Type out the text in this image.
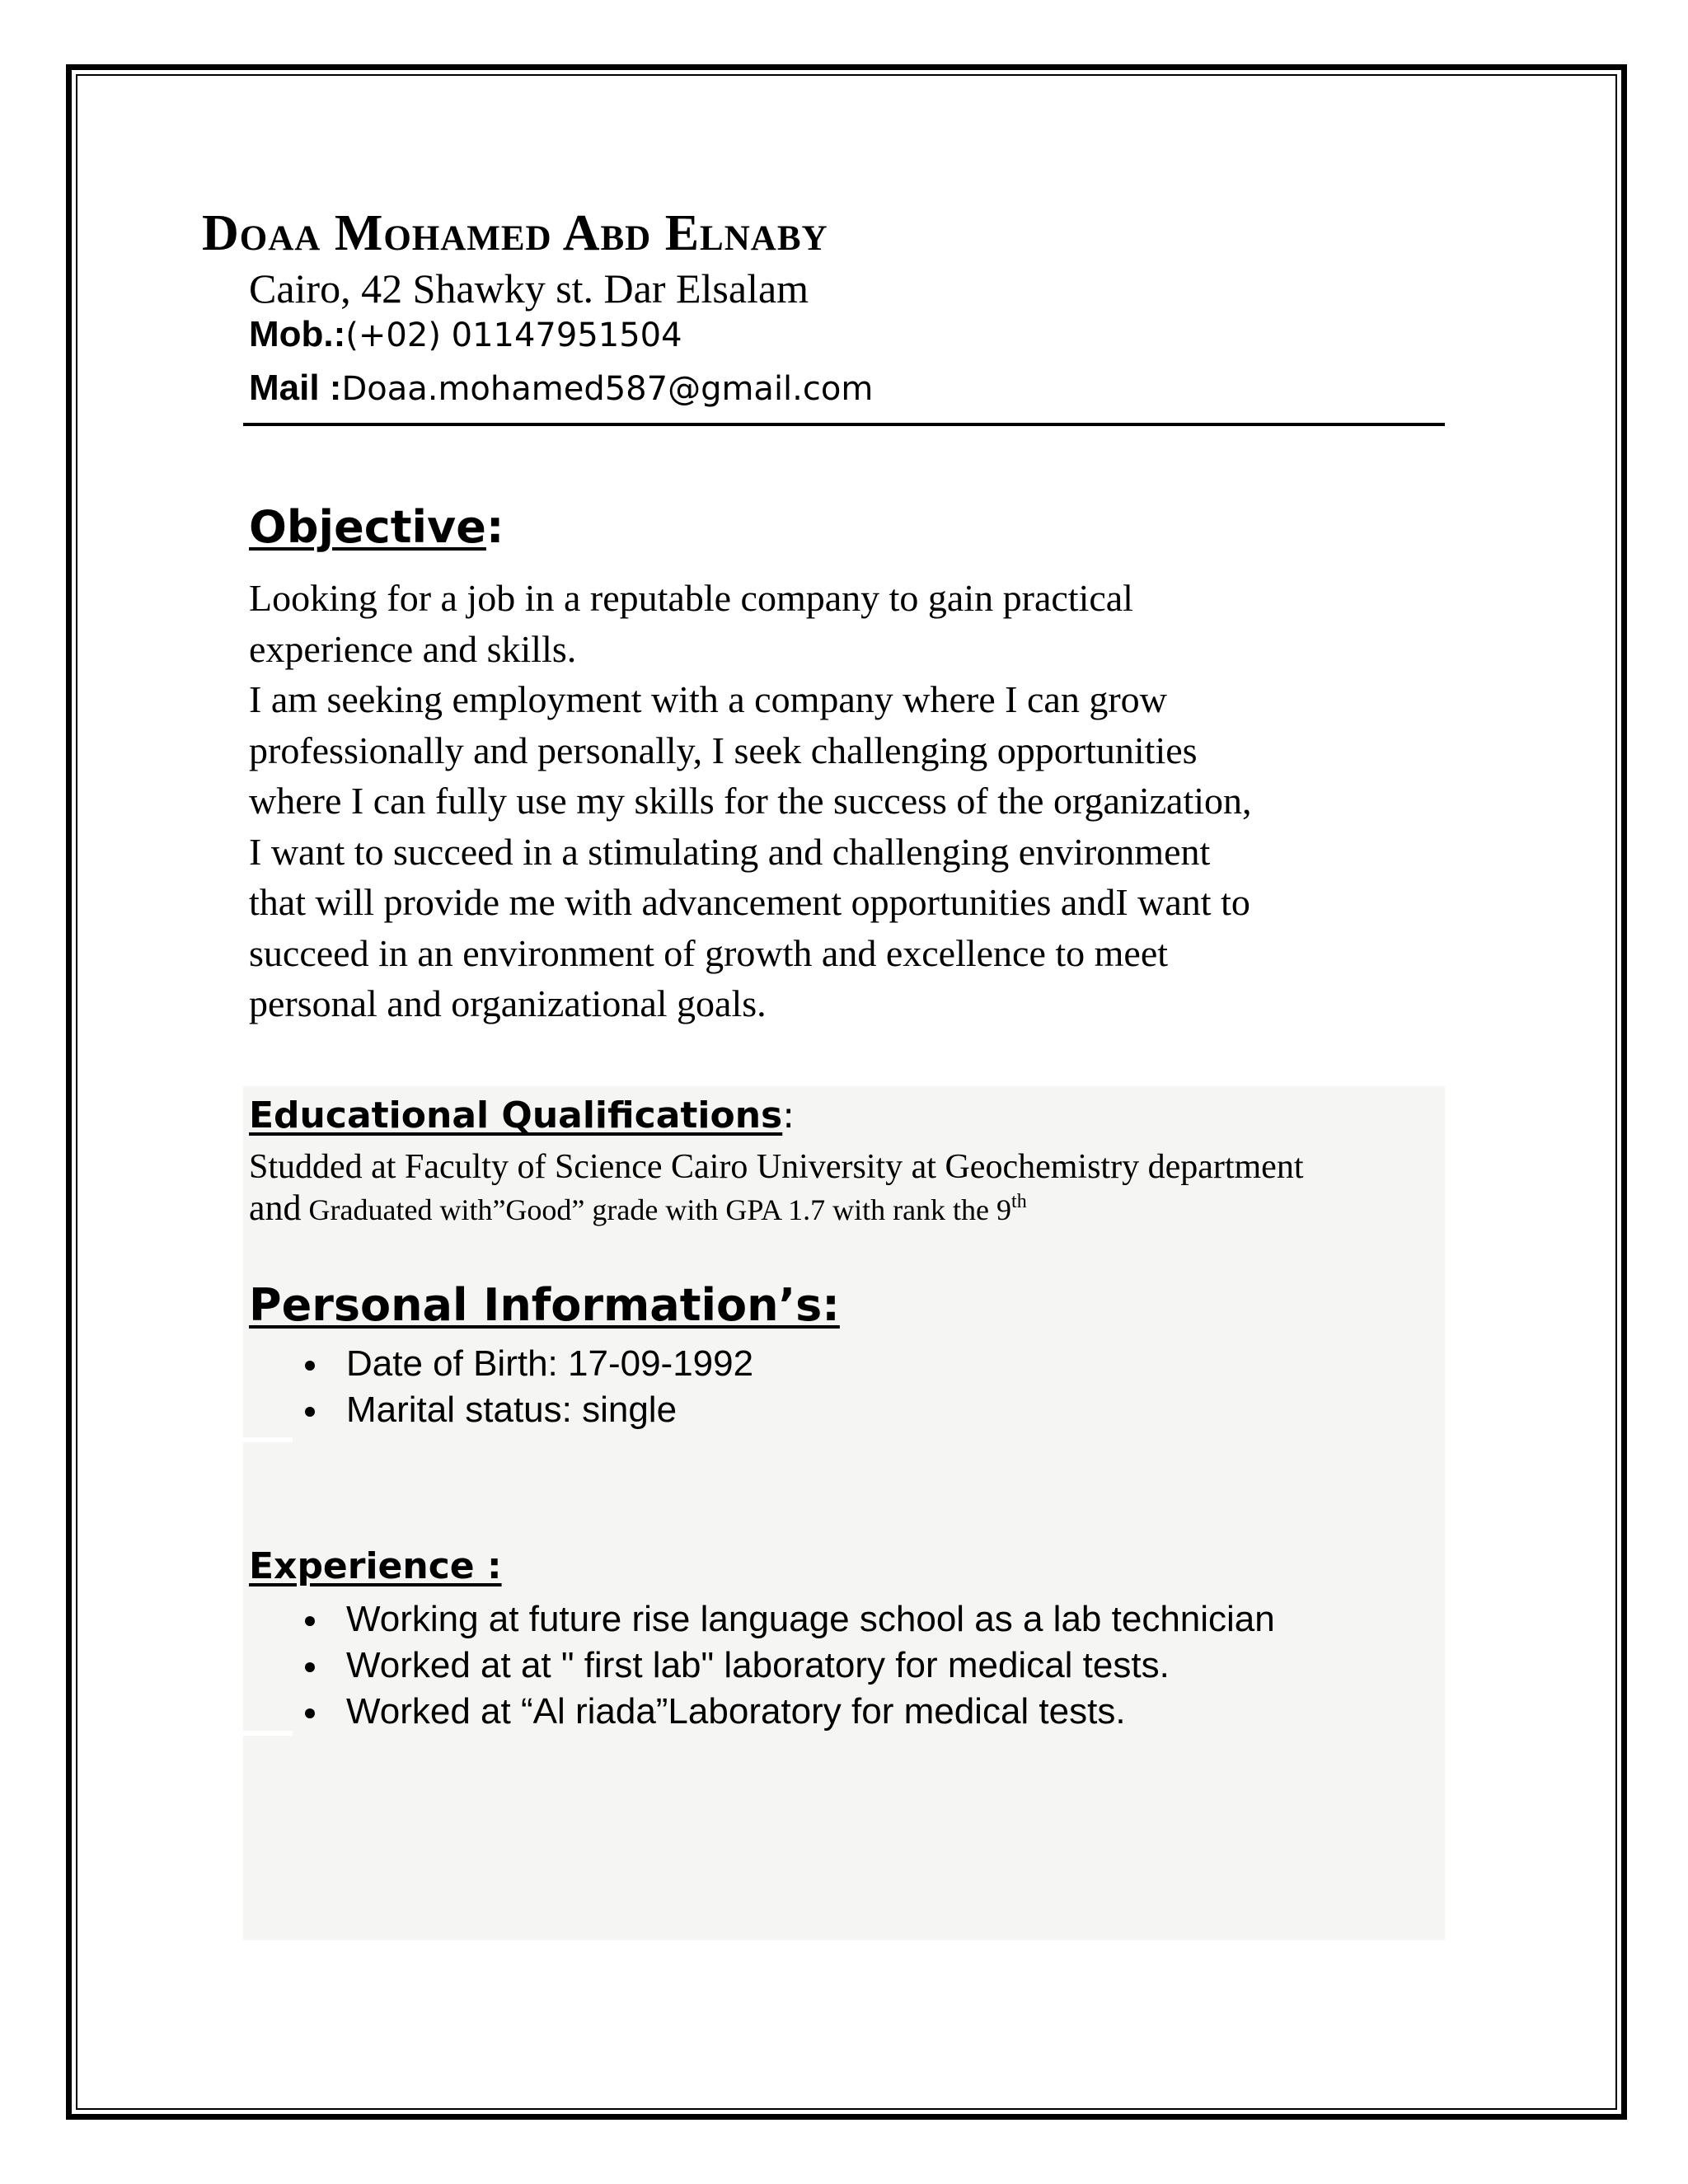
Doaa Mohamed Abd Elnaby
Cairo, 42 Shawky st. Dar Elsalam
Mob.:(+02) 01147951504
Mail :Doaa.mohamed587@gmail.com
Objective:
Looking for a job in a reputable company to gain practical
experience and skills.
I am seeking employment with a company where I can grow
professionally and personally, I seek challenging opportunities
where I can fully use my skills for the success of the organization,
I want to succeed in a stimulating and challenging environment
that will provide me with advancement opportunities andI want to
succeed in an environment of growth and excellence to meet
personal and organizational goals.
Educational Qualifications:
Studded at Faculty of Science Cairo University at Geochemistry department
and Graduated with”Good” grade with GPA 1.7 with rank the 9th
Personal Information’s:
Date of Birth: 17-09-1992
Marital status: single
Experience :
Working at future rise language school as a lab technician
Worked at at " first lab" laboratory for medical tests.
Worked at “Al riada”Laboratory for medical tests.
